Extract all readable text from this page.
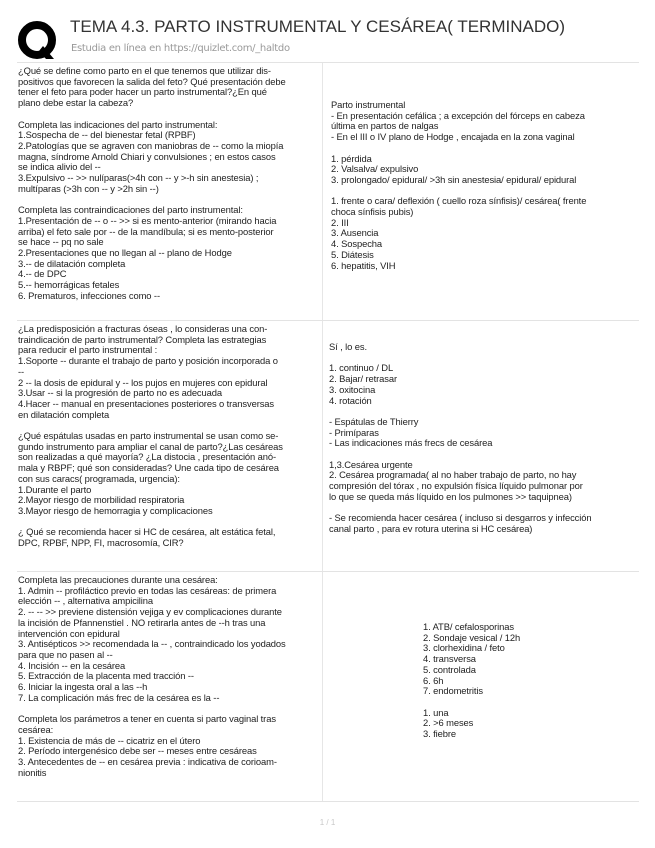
TEMA 4.3. PARTO INSTRUMENTAL Y CESÁREA( TERMINADO)
Estudia en línea en https://quizlet.com/_haltdo
¿Qué se define como parto en el que tenemos que utilizar dis-
positivos que favorecen la salida del feto? Qué presentación debe
tener el feto para poder hacer un parto instrumental?¿En qué
plano debe estar la cabeza?
Completa las indicaciones del parto instrumental:
1.Sospecha de -- del bienestar fetal (RPBF)
2.Patologías que se agraven con maniobras de -- como la miopía
magna, síndrome Arnold Chiari y convulsiones ; en estos casos
se indica alivio del --
3.Expulsivo -- >> nulíparas(>4h con -- y >-h sin anestesia) ;
multíparas (>3h con -- y >2h sin --)
Completa las contraindicaciones del parto instrumental:
1.Presentación de -- o -- >> si es mento-anterior (mirando hacia
arriba) el feto sale por -- de la mandíbula; si es mento-posterior
se hace -- pq no sale
2.Presentaciones que no llegan al -- plano de Hodge
3.-- de dilatación completa
4.-- de DPC
5.-- hemorrágicas fetales
6. Prematuros, infecciones como --
Parto instrumental
- En presentación cefálica ; a excepción del fórceps en cabeza
última en partos de nalgas
- En el III o IV plano de Hodge , encajada en la zona vaginal
1. pérdida
2. Valsalva/ expulsivo
3. prolongado/ epidural/ >3h sin anestesia/ epidural/ epidural
1. frente o cara/ deflexión ( cuello roza sínfisis)/ cesárea( frente
choca sínfisis pubis)
2. III
3. Ausencia
4. Sospecha
5. Diátesis
6. hepatitis, VIH
¿La predisposición a fracturas óseas , lo consideras una con-
traindicación de parto instrumental? Completa las estrategias
para reducir el parto instrumental :
1.Soporte -- durante el trabajo de parto y posición incorporada o
--
2 -- la dosis de epidural y -- los pujos en mujeres con epidural
3.Usar -- si la progresión de parto no es adecuada
4.Hacer -- manual en presentaciones posteriores o transversas
en dilatación completa
¿Qué espátulas usadas en parto instrumental se usan como se-
gundo instrumento para ampliar el canal de parto?¿Las cesáreas
son realizadas a qué mayoría? ¿La distocia , presentación anó-
mala y RBPF; qué son consideradas? Une cada tipo de cesárea
con sus caracs( programada, urgencia):
1.Durante el parto
2.Mayor riesgo de morbilidad respiratoria
3.Mayor riesgo de hemorragia y complicaciones
¿ Qué se recomienda hacer si HC de cesárea, alt estática fetal,
DPC, RPBF, NPP, FI, macrosomía, CIR?
Sí , lo es.
1. continuo / DL
2. Bajar/ retrasar
3. oxitocina
4. rotación
- Espátulas de Thierry
- Primíparas
- Las indicaciones más frecs de cesárea
1,3.Cesárea urgente
2. Cesárea programada( al no haber trabajo de parto, no hay
compresión del tórax , no expulsión física líquido pulmonar por
lo que se queda más líquido en los pulmones >> taquipnea)
- Se recomienda hacer cesárea ( incluso si desgarros y infección
canal parto , para ev rotura uterina si HC cesárea)
Completa las precauciones durante una cesárea:
1. Admin -- profiláctico previo en todas las cesáreas: de primera
elección -- , alternativa ampicilina
2. -- -- >> previene distensión vejiga y ev complicaciones durante
la incisión de Pfannenstiel . NO retirarla antes de --h tras una
intervención con epidural
3. Antisépticos >> recomendada la -- , contraindicado los yodados
para que no pasen al --
4. Incisión -- en la cesárea
5. Extracción de la placenta med tracción --
6. Iniciar la ingesta oral a las --h
7. La complicación más frec de la cesárea es la --
Completa los parámetros a tener en cuenta si parto vaginal tras
cesárea:
1. Existencia de más de -- cicatriz en el útero
2. Período intergenésico debe ser -- meses entre cesáreas
3. Antecedentes de -- en cesárea previa : indicativa de corioam-
nionitis
1. ATB/ cefalosporinas
2. Sondaje vesical / 12h
3. clorhexidina / feto
4. transversa
5. controlada
6. 6h
7. endometritis
1. una
2. >6 meses
3. fiebre
1 / 1
